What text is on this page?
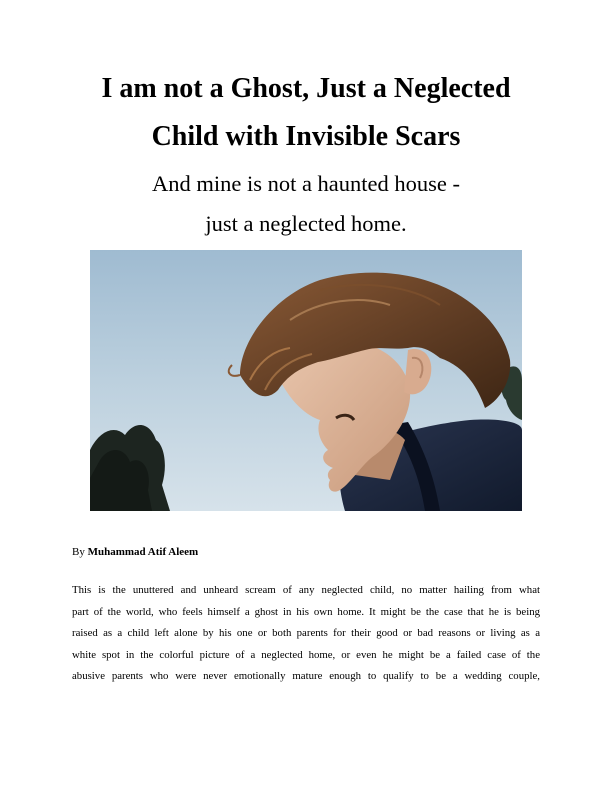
I am not a Ghost, Just a Neglected
Child with Invisible Scars

And mine is not a haunted house -

just a neglected home.

By Muhammad Atif Aleem
This is the unuttered and unheard scream of any neglected child, no matter hailing from what
part of the world, who feels himself a ghost in his own home. It might be the case that he is being
raised as a child left alone by his one or both parents for their good or bad reasons or living as a
white spot in the colorful picture of a neglected home, or even he might be a failed case of the
abusive parents who were never emotionally mature enough to qualify to be a wedding couple,
